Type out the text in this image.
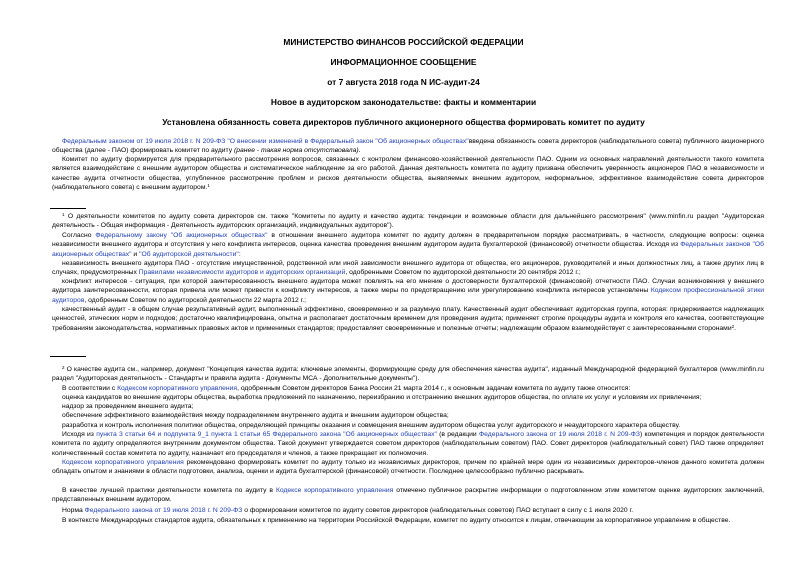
МИНИСТЕРСТВО ФИНАНСОВ РОССИЙСКОЙ ФЕДЕРАЦИИ
ИНФОРМАЦИОННОЕ СООБЩЕНИЕ
от 7 августа 2018 года N ИС-аудит-24
Новое в аудиторском законодательстве: факты и комментарии
Установлена обязанность совета директоров публичного акционерного общества формировать комитет по аудиту
Федеральным законом от 19 июля 2018 г. N 209-ФЗ "О внесении изменений в Федеральный закон "Об акционерных обществах"введена обязанность совета директоров (наблюдательного совета) публичного акционерного общества (далее - ПАО) формировать комитет по аудиту (ранее - такая норма отсутствовала).
Комитет по аудиту формируется для предварительного рассмотрения вопросов, связанных с контролем финансово-хозяйственной деятельности ПАО. Одним из основных направлений деятельности такого комитета является взаимодействие с внешним аудитором общества и систематическое наблюдение за его работой. Данная деятельность комитета по аудиту призвана обеспечить уверенность акционеров ПАО в независимости и качестве аудита отчетности общества, углубленное рассмотрение проблем и рисков деятельности общества, выявляемых внешним аудитором, неформальное, эффективное взаимодействие совета директоров (наблюдательного совета) с внешним аудитором.$^1$
$^1$ О деятельности комитетов по аудиту совета директоров см. также "Комитеты по аудиту и качество аудита: тенденции и возможные области для дальнейшего рассмотрения" (www.minfin.ru раздел "Аудиторская деятельность - Общая информация - Деятельность аудиторских организаций, индивидуальных аудиторов").
Согласно Федеральному закону "Об акционерных обществах" в отношении внешнего аудитора комитет по аудиту должен в предварительном порядке рассматривать, в частности, следующие вопросы: оценка независимости внешнего аудитора и отсутствия у него конфликта интересов, оценка качества проведения внешним аудитором аудита бухгалтерской (финансовой) отчетности общества. Исходя из Федеральных законов "Об акционерных обществах" и "Об аудиторской деятельности":
независимость внешнего аудитора ПАО - отсутствие имущественной, родственной или иной зависимости внешнего аудитора от общества, его акционеров, руководителей и иных должностных лиц, а также других лиц в случаях, предусмотренных Правилами независимости аудиторов и аудиторских организаций, одобренными Советом по аудиторской деятельности 20 сентября 2012 г.;
конфликт интересов - ситуация, при которой заинтересованность внешнего аудитора может повлиять на его мнение о достоверности бухгалтерской (финансовой) отчетности ПАО. Случаи возникновения у внешнего аудитора заинтересованности, которая привела или может привести к конфликту интересов, а также меры по предотвращению или урегулированию конфликта интересов установлены Кодексом профессиональной этики аудиторов, одобренным Советом по аудиторской деятельности 22 марта 2012 г.;
качественный аудит - в общем случае результативный аудит, выполненный эффективно, своевременно и за разумную плату. Качественный аудит обеспечивает аудиторская группа, которая: придерживается надлежащих ценностей, этических норм и подходов; достаточно квалифицирована, опытна и располагает достаточным временем для проведения аудита; применяет строгие процедуры аудита и контроля его качества, соответствующие требованиям законодательства, нормативных правовых актов и применимых стандартов; предоставляет своевременные и полезные отчеты; надлежащим образом взаимодействует с заинтересованными сторонами$^2$.
$^2$ О качестве аудита см., например, документ "Концепция качества аудита: ключевые элементы, формирующие среду для обеспечения качества аудита", изданный Международной федерацией бухгалтеров (www.minfin.ru раздел "Аудиторская деятельность - Стандарты и правила аудита - Документы МСА - Дополнительные документы").
В соответствии с Кодексом корпоративного управления, одобренным Советом директоров Банка России 21 марта 2014 г., к основным задачам комитета по аудиту также относится:
оценка кандидатов во внешние аудиторы общества, выработка предложений по назначению, переизбранию и отстранению внешних аудиторов общества, по оплате их услуг и условиям их привлечения;
надзор за проведением внешнего аудита;
обеспечение эффективного взаимодействия между подразделением внутреннего аудита и внешним аудитором общества;
разработка и контроль исполнения политики общества, определяющей принципы оказания и совмещения внешним аудитором общества услуг аудиторского и неаудиторского характера обществу.
Исходя из пункта 3 статьи 64 и подпункта 9_1 пункта 1 статьи 65 Федерального закона "Об акционерных обществах" (в редакции Федерального закона от 19 июля 2018 г. N 209-ФЗ) компетенция и порядок деятельности комитета по аудиту определяются внутренним документом общества. Такой документ утверждается советом директоров (наблюдательным советом) ПАО. Совет директоров (наблюдательный совет) ПАО также определяет количественный состав комитета по аудиту, назначает его председателя и членов, а также прекращает их полномочия.
Кодексом корпоративного управления рекомендовано формировать комитет по аудиту только из независимых директоров, причем по крайней мере один из независимых директоров-членов данного комитета должен обладать опытом и знаниями в области подготовки, анализа, оценки и аудита бухгалтерской (финансовой) отчетности. Последнее целесообразно публично раскрывать.
В качестве лучшей практики деятельности комитета по аудиту в Кодексе корпоративного управления отмечено публичное раскрытие информации о подготовленном этим комитетом оценке аудиторских заключений, представленных внешним аудитором.
Норма Федерального закона от 19 июля 2018 г. N 209-ФЗ о формировании комитетов по аудиту советов директоров (наблюдательных советов) ПАО вступает в силу с 1 июля 2020 г.
В контексте Международных стандартов аудита, обязательных к применению на территории Российской Федерации, комитет по аудиту относится к лицам, отвечающим за корпоративное управление в обществе.
